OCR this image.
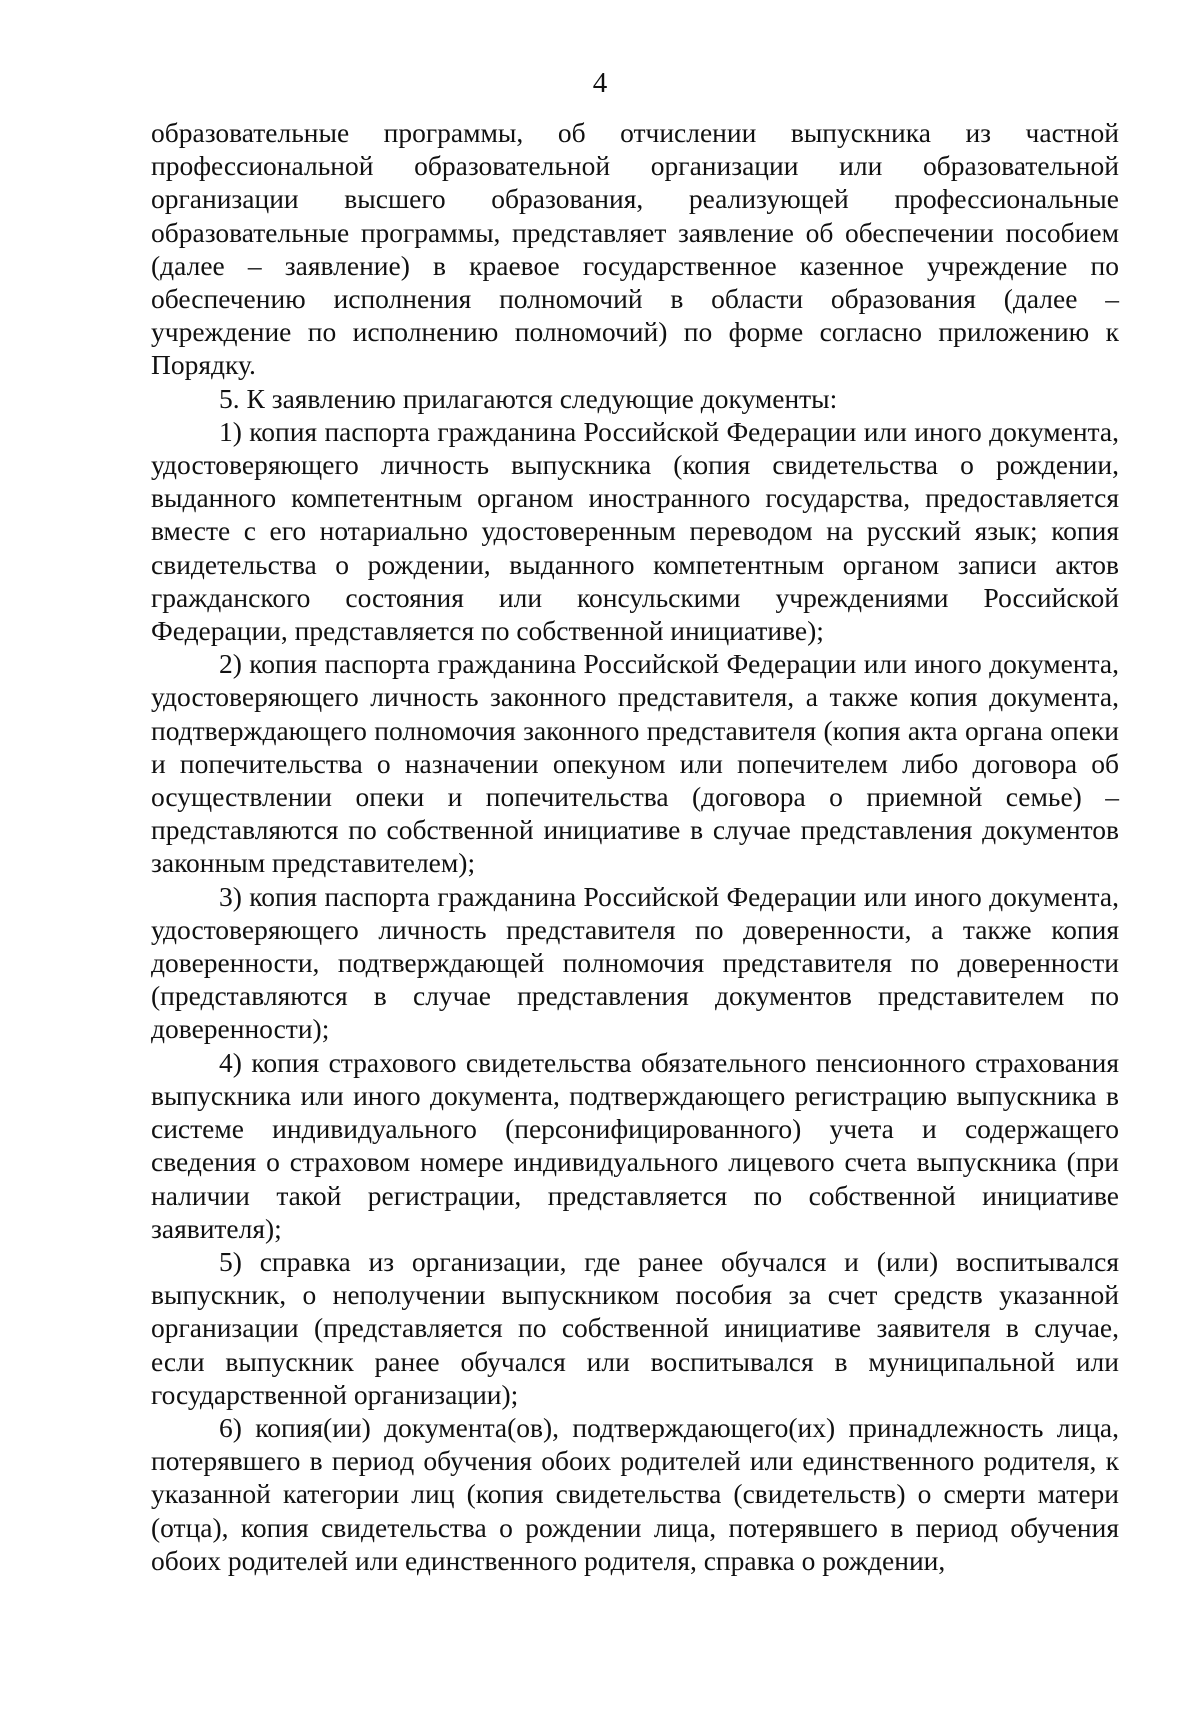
4

образовательные программы, об отчислении выпускника из частной профессиональной образовательной организации или образовательной организации высшего образования, реализующей профессиональные образовательные программы, представляет заявление об обеспечении пособием (далее – заявление) в краевое государственное казенное учреждение по обеспечению исполнения полномочий в области образования (далее – учреждение по исполнению полномочий) по форме согласно приложению к Порядку.

5. К заявлению прилагаются следующие документы:

1) копия паспорта гражданина Российской Федерации или иного документа, удостоверяющего личность выпускника (копия свидетельства о рождении, выданного компетентным органом иностранного государства, предоставляется вместе с его нотариально удостоверенным переводом на русский язык; копия свидетельства о рождении, выданного компетентным органом записи актов гражданского состояния или консульскими учреждениями Российской Федерации, представляется по собственной инициативе);

2) копия паспорта гражданина Российской Федерации или иного документа, удостоверяющего личность законного представителя, а также копия документа, подтверждающего полномочия законного представителя (копия акта органа опеки и попечительства о назначении опекуном или попечителем либо договора об осуществлении опеки и попечительства (договора о приемной семье) – представляются по собственной инициативе в случае представления документов законным представителем);

3) копия паспорта гражданина Российской Федерации или иного документа, удостоверяющего личность представителя по доверенности, а также копия доверенности, подтверждающей полномочия представителя по доверенности (представляются в случае представления документов представителем по доверенности);

4) копия страхового свидетельства обязательного пенсионного страхования выпускника или иного документа, подтверждающего регистрацию выпускника в системе индивидуального (персонифицированного) учета и содержащего сведения о страховом номере индивидуального лицевого счета выпускника (при наличии такой регистрации, представляется по собственной инициативе заявителя);

5) справка из организации, где ранее обучался и (или) воспитывался выпускник, о неполучении выпускником пособия за счет средств указанной организации (представляется по собственной инициативе заявителя в случае, если выпускник ранее обучался или воспитывался в муниципальной или государственной организации);

6) копия(ии) документа(ов), подтверждающего(их) принадлежность лица, потерявшего в период обучения обоих родителей или единственного родителя, к указанной категории лиц (копия свидетельства (свидетельств) о смерти матери (отца), копия свидетельства о рождении лица, потерявшего в период обучения обоих родителей или единственного родителя, справка о рождении,
